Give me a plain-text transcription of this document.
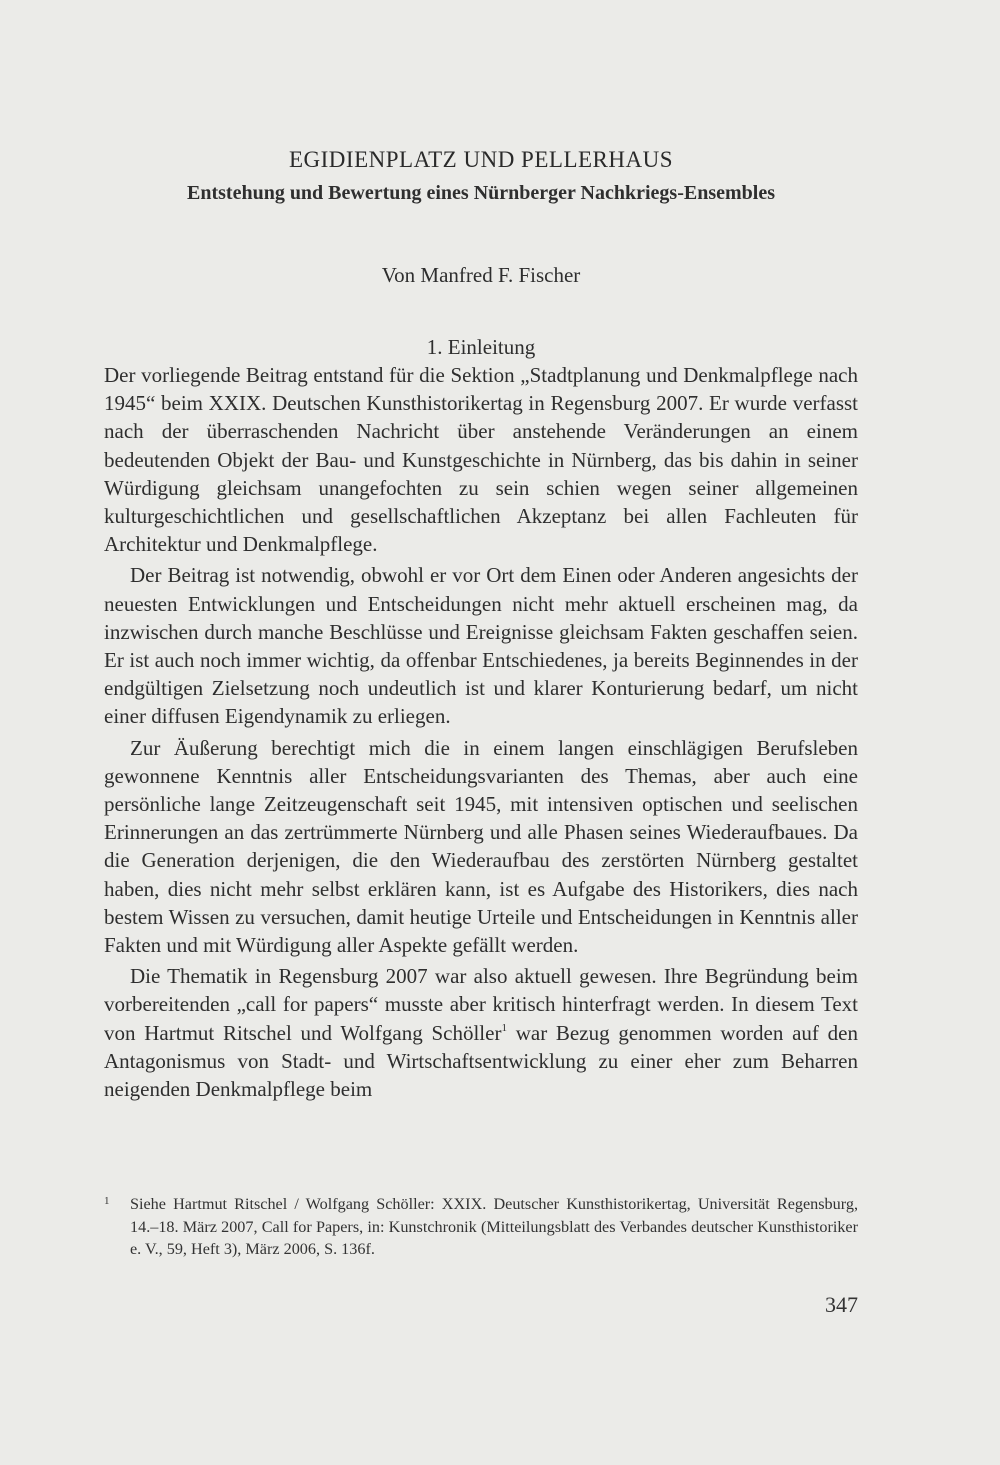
EGIDIENPLATZ UND PELLERHAUS
Entstehung und Bewertung eines Nürnberger Nachkriegs-Ensembles
Von Manfred F. Fischer
1. Einleitung

Der vorliegende Beitrag entstand für die Sektion „Stadtplanung und Denkmalpflege nach 1945“ beim XXIX. Deutschen Kunsthistorikertag in Regensburg 2007. Er wurde verfasst nach der überraschenden Nachricht über anstehende Veränderungen an einem bedeutenden Objekt der Bau- und Kunstgeschichte in Nürnberg, das bis dahin in seiner Würdigung gleichsam unangefochten zu sein schien wegen seiner allgemeinen kulturgeschichtlichen und gesellschaftlichen Akzeptanz bei allen Fachleuten für Architektur und Denkmalpflege.

Der Beitrag ist notwendig, obwohl er vor Ort dem Einen oder Anderen angesichts der neuesten Entwicklungen und Entscheidungen nicht mehr aktuell erscheinen mag, da inzwischen durch manche Beschlüsse und Ereignisse gleichsam Fakten geschaffen seien. Er ist auch noch immer wichtig, da offenbar Entschiedenes, ja bereits Beginnendes in der endgültigen Zielsetzung noch undeutlich ist und klarer Konturierung bedarf, um nicht einer diffusen Eigendynamik zu erliegen.

Zur Äußerung berechtigt mich die in einem langen einschlägigen Berufsleben gewonnene Kenntnis aller Entscheidungsvarianten des Themas, aber auch eine persönliche lange Zeitzeugenschaft seit 1945, mit intensiven optischen und seelischen Erinnerungen an das zertrümmerte Nürnberg und alle Phasen seines Wiederaufbaues. Da die Generation derjenigen, die den Wiederaufbau des zerstörten Nürnberg gestaltet haben, dies nicht mehr selbst erklären kann, ist es Aufgabe des Historikers, dies nach bestem Wissen zu versuchen, damit heutige Urteile und Entscheidungen in Kenntnis aller Fakten und mit Würdigung aller Aspekte gefällt werden.

Die Thematik in Regensburg 2007 war also aktuell gewesen. Ihre Begründung beim vorbereitenden „call for papers“ musste aber kritisch hinterfragt werden. In diesem Text von Hartmut Ritschel und Wolfgang Schöller$^1$ war Bezug genommen worden auf den Antagonismus von Stadt- und Wirtschaftsentwicklung zu einer eher zum Beharren neigenden Denkmalpflege beim

1	Siehe Hartmut Ritschel / Wolfgang Schöller: XXIX. Deutscher Kunsthistorikertag, Universität Regensburg, 14.–18. März 2007, Call for Papers, in: Kunstchronik (Mitteilungsblatt des Verbandes deutscher Kunsthistoriker e. V., 59, Heft 3), März 2006, S. 136f.
347
